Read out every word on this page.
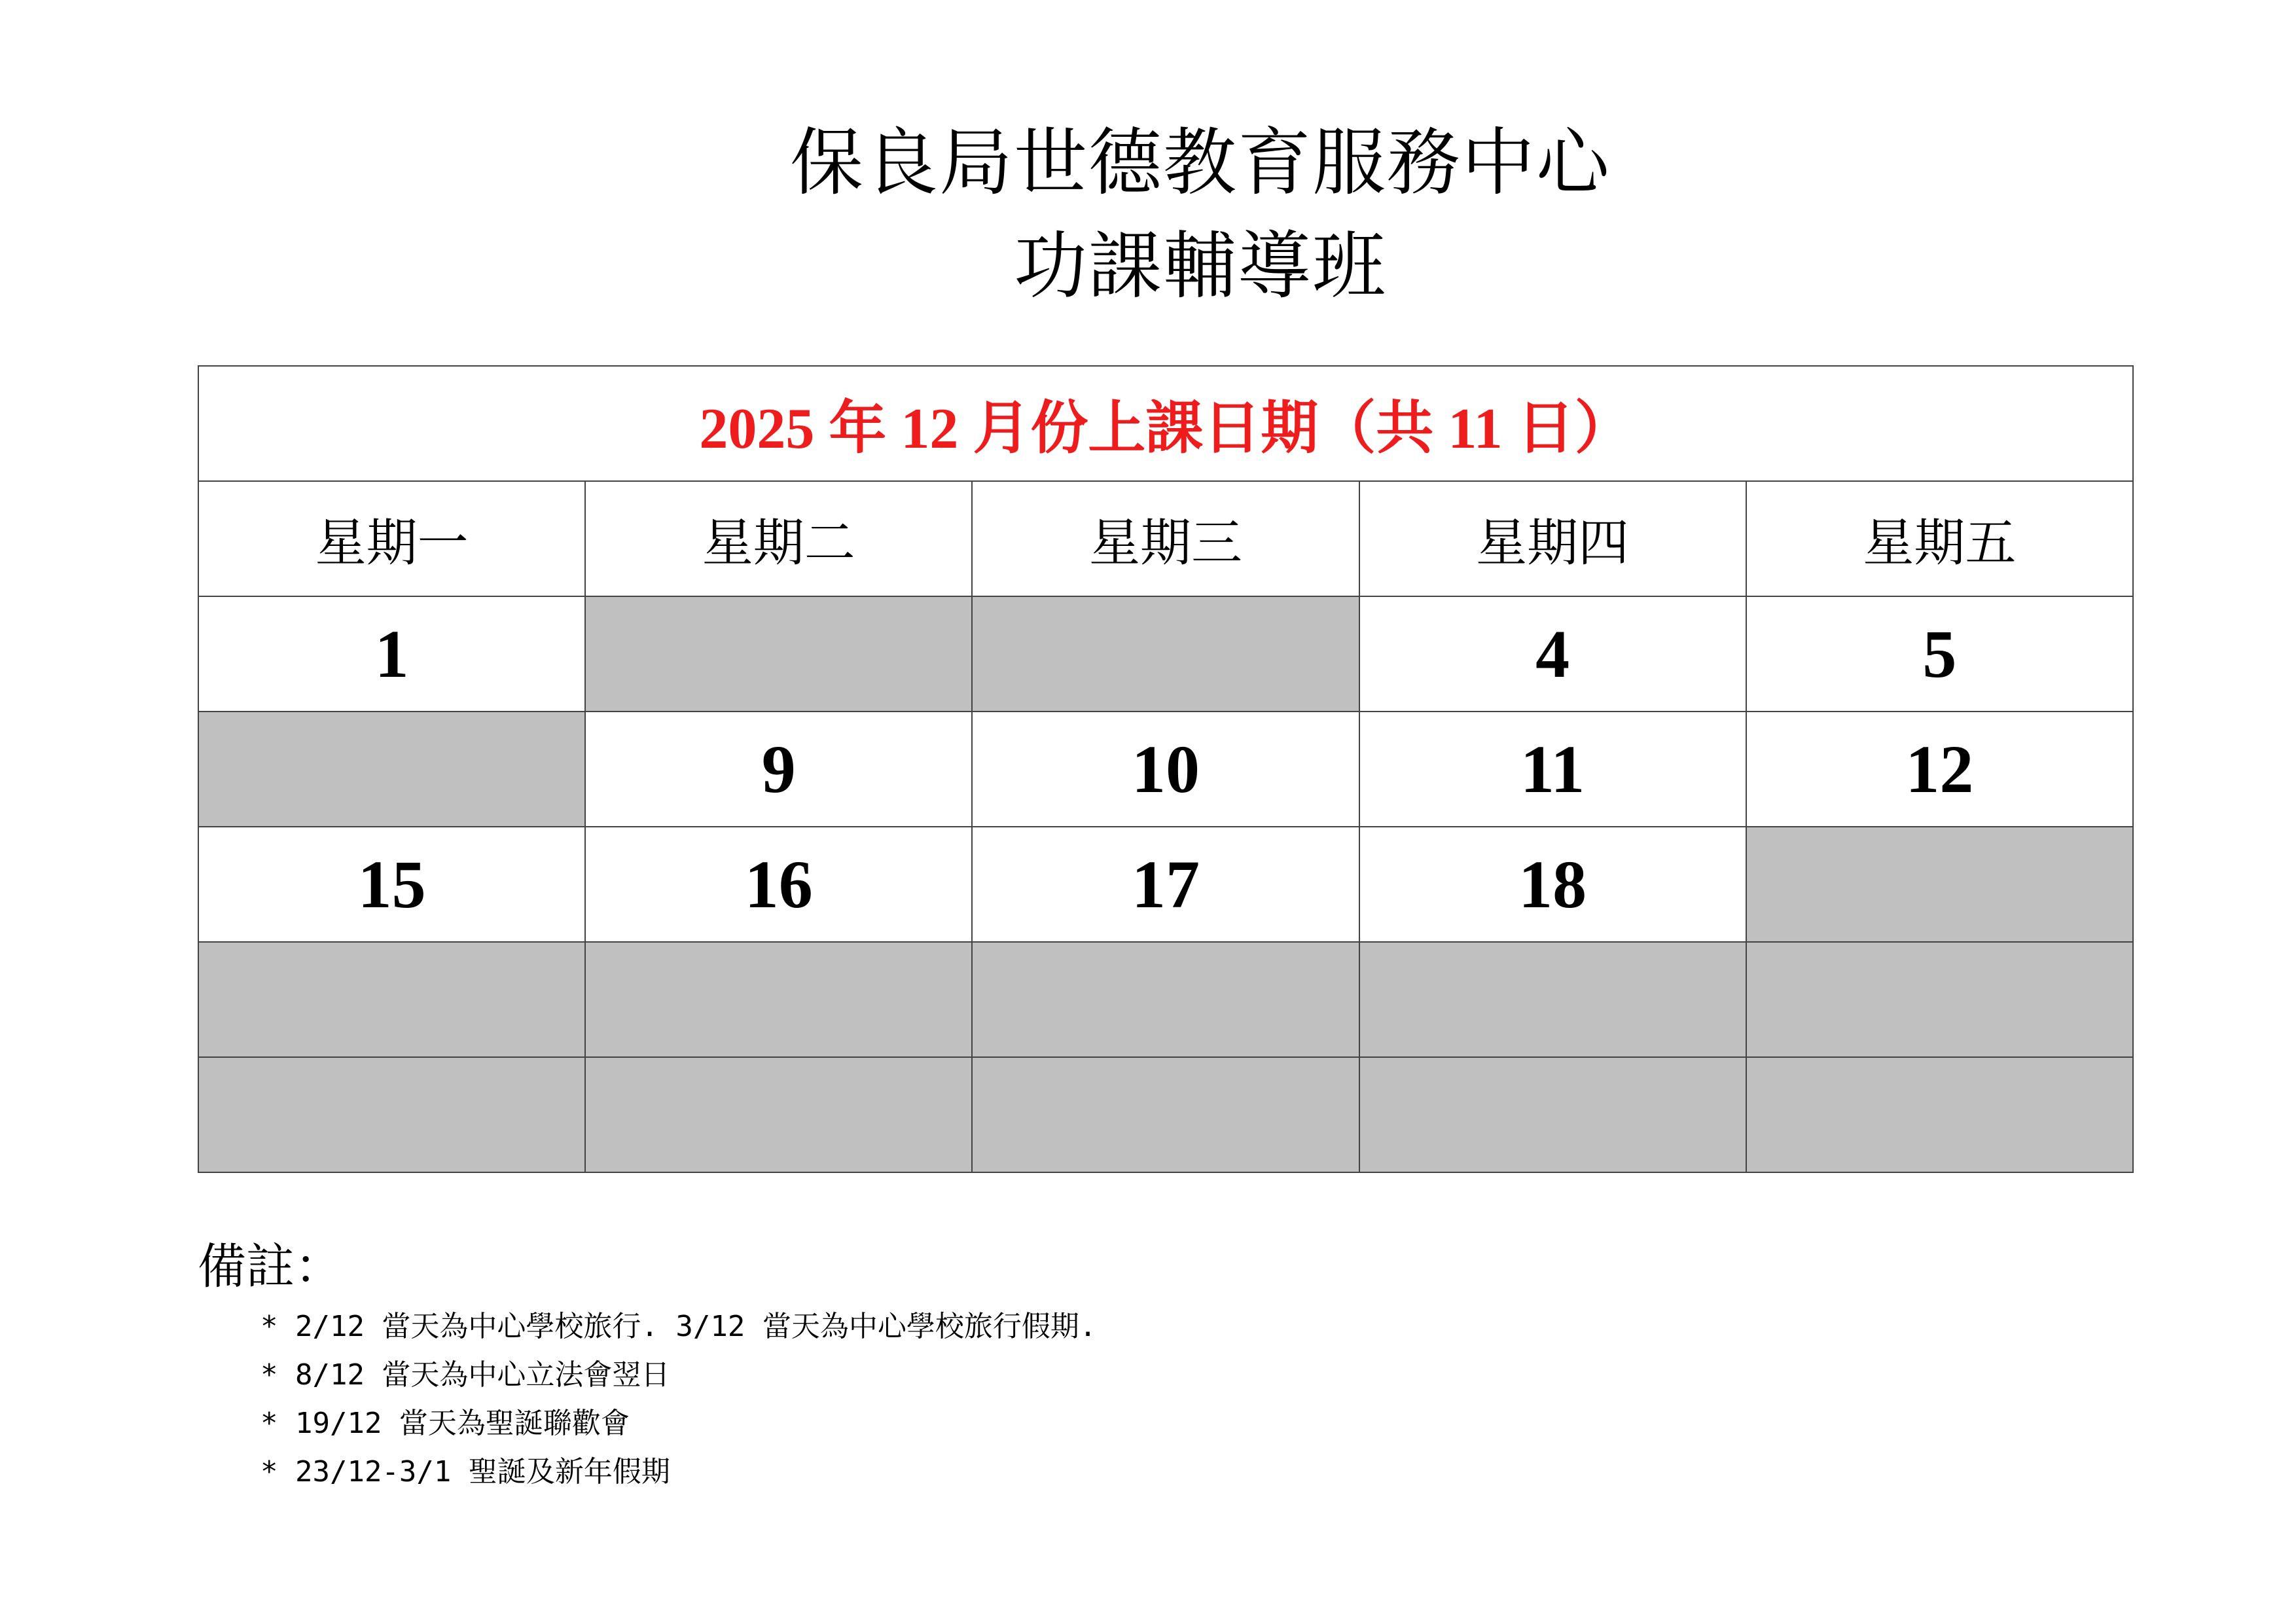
保良局世德教育服務中心
功課輔導班
2025 年 12 月份上課日期（共 11 日）				
星期一	星期二	星期三	星期四	星期五
1			4	5
	9	10	11	12
15	16	17	18	

備註：
* 2/12 當天為中心學校旅行. 3/12 當天為中心學校旅行假期.
* 8/12 當天為中心立法會翌日
* 19/12 當天為聖誕聯歡會
* 23/12-3/1 聖誕及新年假期
